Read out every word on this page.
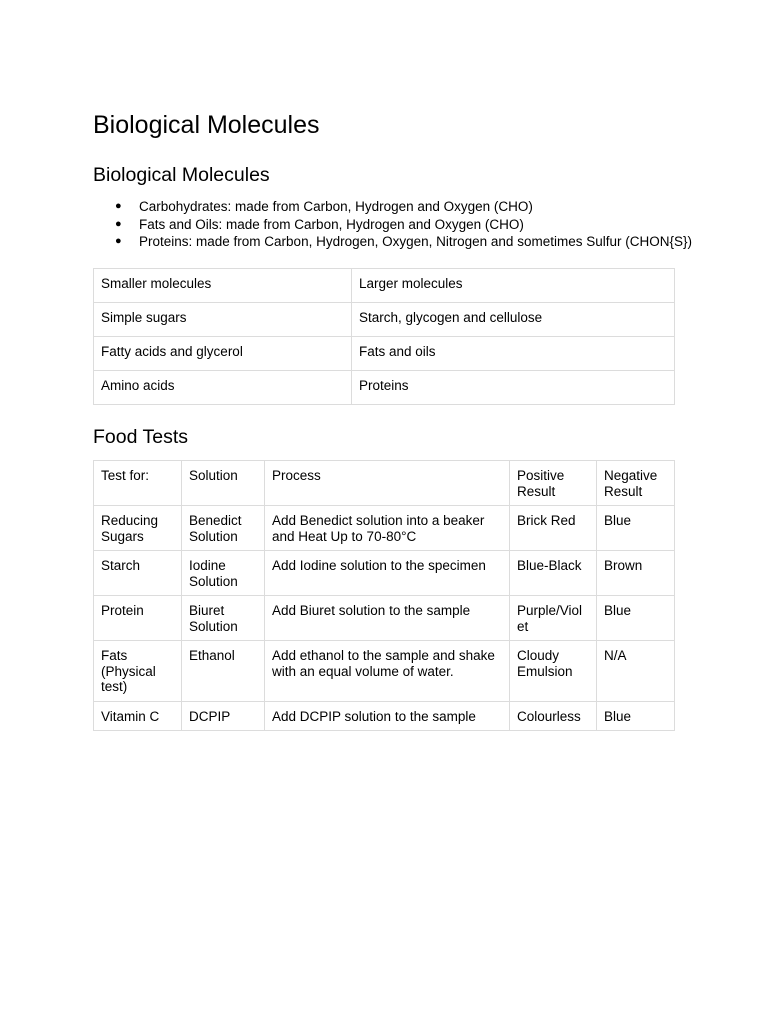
Biological Molecules
Biological Molecules
● Carbohydrates: made from Carbon, Hydrogen and Oxygen (CHO)
● Fats and Oils: made from Carbon, Hydrogen and Oxygen (CHO)
● Proteins: made from Carbon, Hydrogen, Oxygen, Nitrogen and sometimes Sulfur (CHON{S})
Smaller molecules	Larger molecules
Simple sugars	Starch, glycogen and cellulose
Fatty acids and glycerol	Fats and oils
Amino acids	Proteins
Food Tests
Test for:	Solution	Process	Positive Result	Negative Result
Reducing Sugars	Benedict Solution	Add Benedict solution into a beaker and Heat Up to 70-80°C	Brick Red	Blue
Starch	Iodine Solution	Add Iodine solution to the specimen	Blue-Black	Brown
Protein	Biuret Solution	Add Biuret solution to the sample	Purple/Violet	Blue
Fats (Physical test)	Ethanol	Add ethanol to the sample and shake with an equal volume of water.	Cloudy Emulsion	N/A
Vitamin C	DCPIP	Add DCPIP solution to the sample	Colourless	Blue
